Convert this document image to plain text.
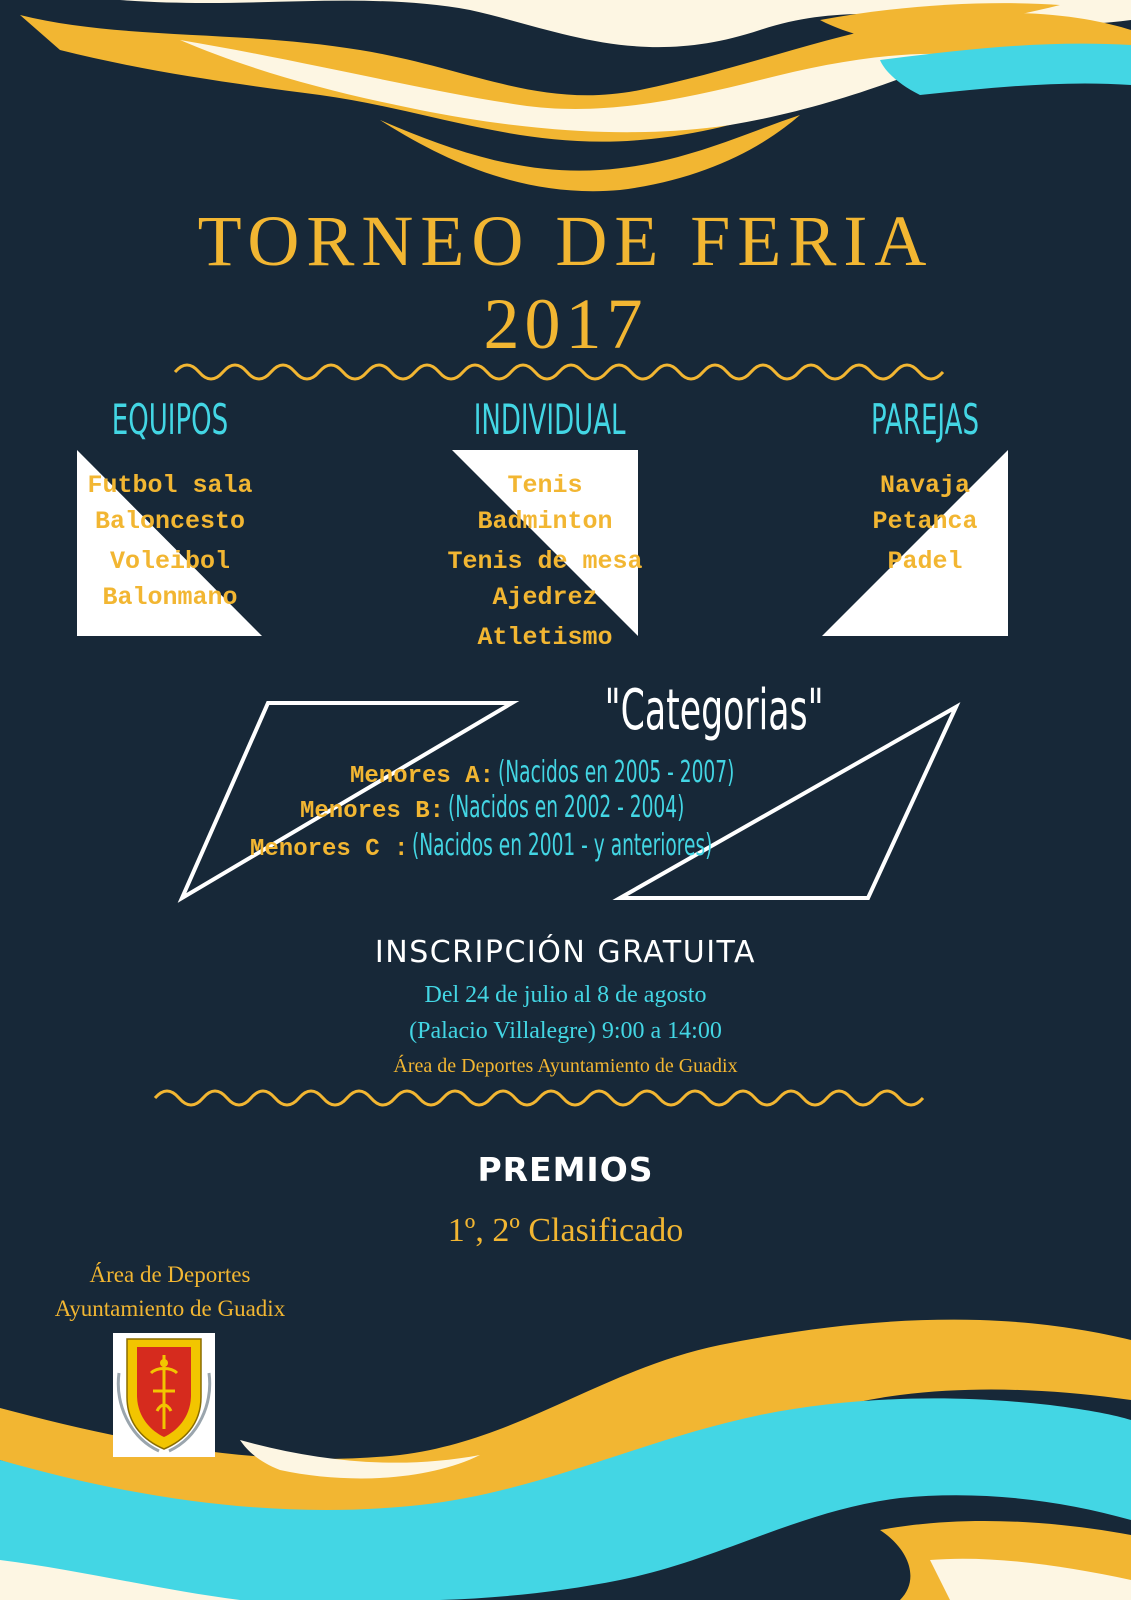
TORNEO DE FERIA
2017
EQUIPOS	INDIVIDUAL	PAREJAS
Futbol sala
Baloncesto
Voleibol
Balonmano
Tenis
Badminton
Tenis de mesa
Ajedrez
Atletismo
Navaja
Petanca
Padel
"Categorias"
Menores A: (Nacidos en 2005 - 2007)
Menores B: (Nacidos en 2002 - 2004)
Menores C : (Nacidos en 2001 - y anteriores)
INSCRIPCIÓN GRATUITA
Del 24 de julio al 8 de agosto
(Palacio Villalegre) 9:00 a 14:00
Área de Deportes Ayuntamiento de Guadix
PREMIOS
1º, 2º Clasificado
Área de Deportes
Ayuntamiento de Guadix
